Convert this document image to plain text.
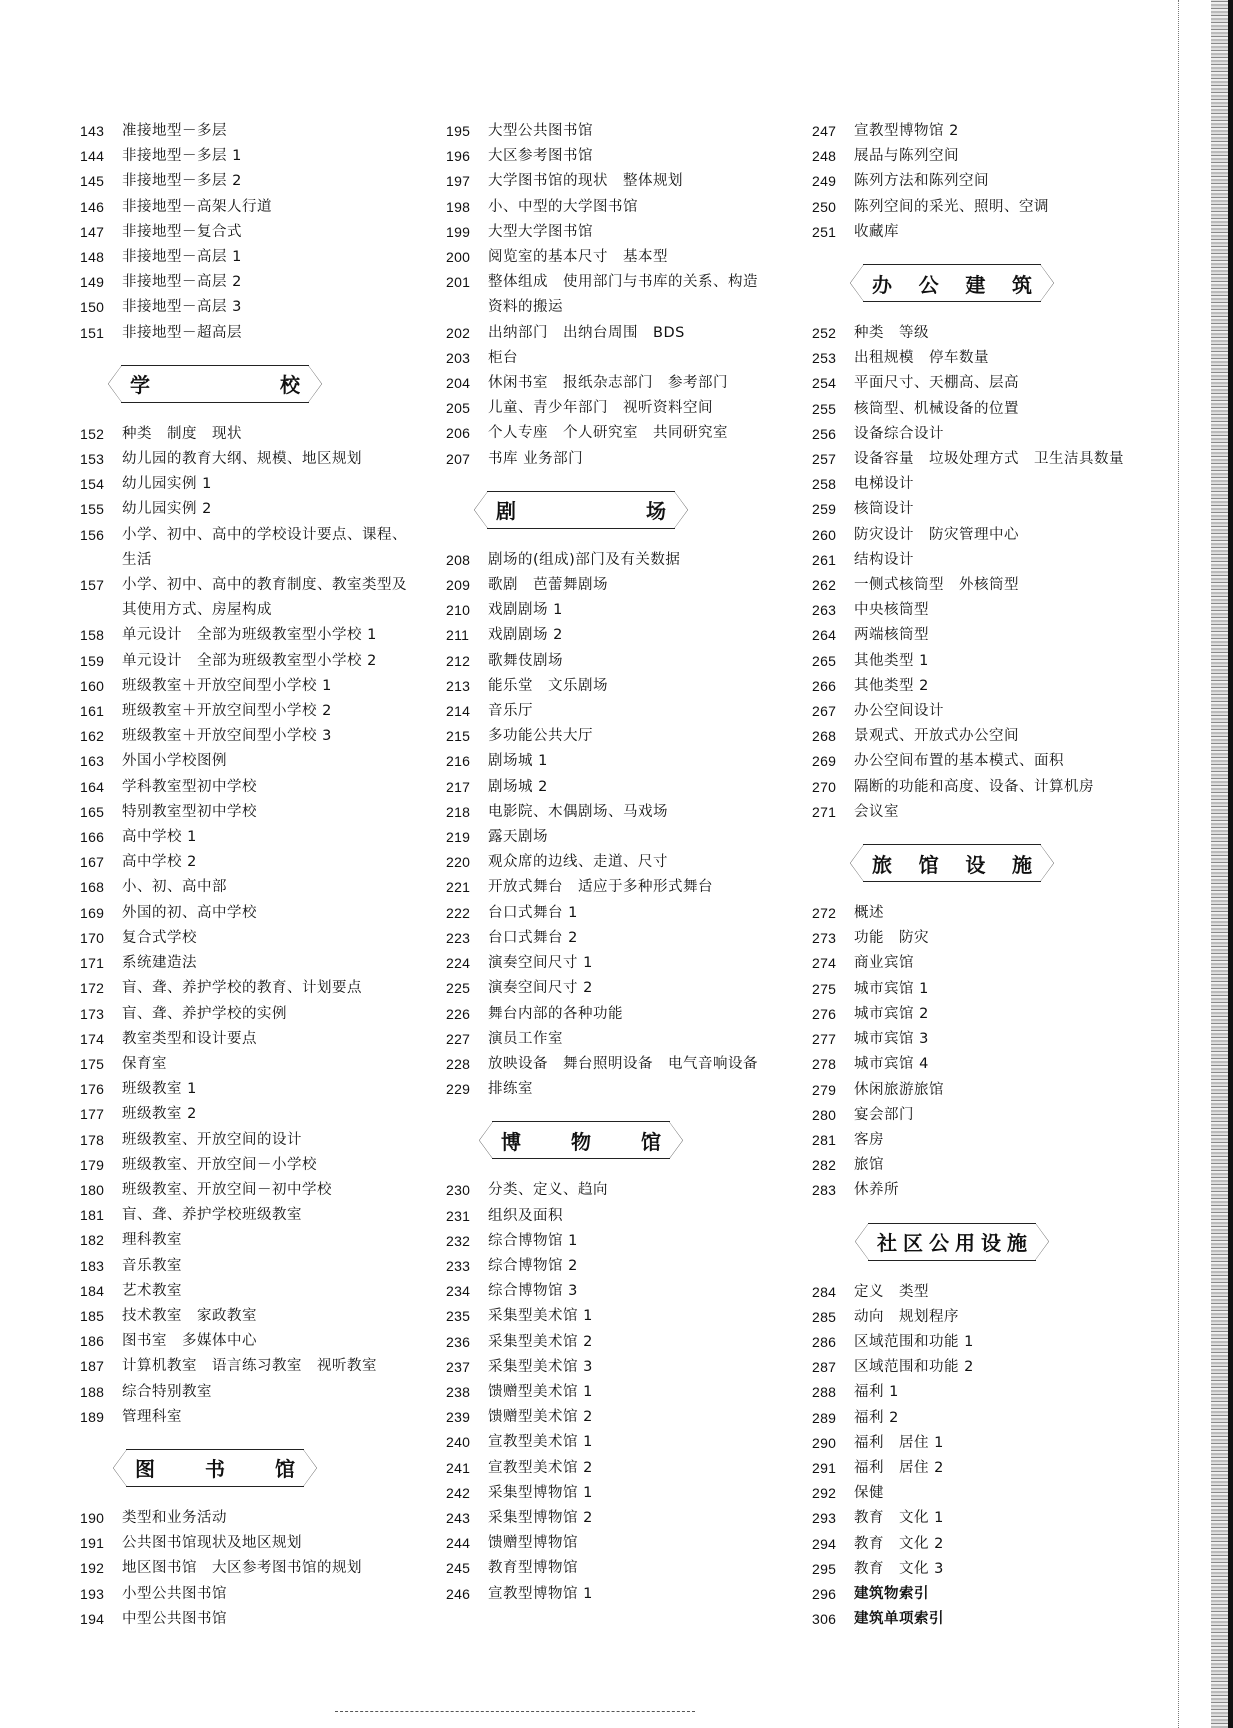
143	准接地型－多层
144	非接地型－多层 1
145	非接地型－多层 2
146	非接地型－高架人行道
147	非接地型－复合式
148	非接地型－高层 1
149	非接地型－高层 2
150	非接地型－高层 3
151	非接地型－超高层
学	校
152	种类　制度　现状
153	幼儿园的教育大纲、规模、地区规划
154	幼儿园实例 1
155	幼儿园实例 2
156	小学、初中、高中的学校设计要点、课程、生活
157	小学、初中、高中的教育制度、教室类型及其使用方式、房屋构成
158	单元设计　全部为班级教室型小学校 1
159	单元设计　全部为班级教室型小学校 2
160	班级教室＋开放空间型小学校 1
161	班级教室＋开放空间型小学校 2
162	班级教室＋开放空间型小学校 3
163	外国小学校图例
164	学科教室型初中学校
165	特别教室型初中学校
166	高中学校 1
167	高中学校 2
168	小、初、高中部
169	外国的初、高中学校
170	复合式学校
171	系统建造法
172	盲、聋、养护学校的教育、计划要点
173	盲、聋、养护学校的实例
174	教室类型和设计要点
175	保育室
176	班级教室 1
177	班级教室 2
178	班级教室、开放空间的设计
179	班级教室、开放空间－小学校
180	班级教室、开放空间－初中学校
181	盲、聋、养护学校班级教室
182	理科教室
183	音乐教室
184	艺术教室
185	技术教室　家政教室
186	图书室　多媒体中心
187	计算机教室　语言练习教室　视听教室
188	综合特别教室
189	管理科室
图	书	馆
190	类型和业务活动
191	公共图书馆现状及地区规划
192	地区图书馆　大区参考图书馆的规划
193	小型公共图书馆
194	中型公共图书馆
195	大型公共图书馆
196	大区参考图书馆
197	大学图书馆的现状　整体规划
198	小、中型的大学图书馆
199	大型大学图书馆
200	阅览室的基本尺寸　基本型
201	整体组成　使用部门与书库的关系、构造　资料的搬运
202	出纳部门　出纳台周围　BDS
203	柜台
204	休闲书室　报纸杂志部门　参考部门
205	儿童、青少年部门　视听资料空间
206	个人专座　个人研究室　共同研究室
207	书库 业务部门
剧	场
208	剧场的(组成)部门及有关数据
209	歌剧　芭蕾舞剧场
210	戏剧剧场 1
211	戏剧剧场 2
212	歌舞伎剧场
213	能乐堂　文乐剧场
214	音乐厅
215	多功能公共大厅
216	剧场城 1
217	剧场城 2
218	电影院、木偶剧场、马戏场
219	露天剧场
220	观众席的边线、走道、尺寸
221	开放式舞台　适应于多种形式舞台
222	台口式舞台 1
223	台口式舞台 2
224	演奏空间尺寸 1
225	演奏空间尺寸 2
226	舞台内部的各种功能
227	演员工作室
228	放映设备　舞台照明设备　电气音响设备
229	排练室
博	物	馆
230	分类、定义、趋向
231	组织及面积
232	综合博物馆 1
233	综合博物馆 2
234	综合博物馆 3
235	采集型美术馆 1
236	采集型美术馆 2
237	采集型美术馆 3
238	馈赠型美术馆 1
239	馈赠型美术馆 2
240	宣教型美术馆 1
241	宣教型美术馆 2
242	采集型博物馆 1
243	采集型博物馆 2
244	馈赠型博物馆
245	教育型博物馆
246	宣教型博物馆 1
247	宣教型博物馆 2
248	展品与陈列空间
249	陈列方法和陈列空间
250	陈列空间的采光、照明、空调
251	收藏库
办 公 建 筑
252	种类　等级
253	出租规模　停车数量
254	平面尺寸、天棚高、层高
255	核筒型、机械设备的位置
256	设备综合设计
257	设备容量　垃圾处理方式　卫生洁具数量
258	电梯设计
259	核筒设计
260	防灾设计　防灾管理中心
261	结构设计
262	一侧式核筒型　外核筒型
263	中央核筒型
264	两端核筒型
265	其他类型 1
266	其他类型 2
267	办公空间设计
268	景观式、开放式办公空间
269	办公空间布置的基本模式、面积
270	隔断的功能和高度、设备、计算机房
271	会议室
旅 馆 设 施
272	概述
273	功能　防灾
274	商业宾馆
275	城市宾馆 1
276	城市宾馆 2
277	城市宾馆 3
278	城市宾馆 4
279	休闲旅游旅馆
280	宴会部门
281	客房
282	旅馆
283	休养所
社 区 公 用 设 施
284	定义　类型
285	动向　规划程序
286	区域范围和功能 1
287	区域范围和功能 2
288	福利 1
289	福利 2
290	福利　居住 1
291	福利　居住 2
292	保健
293	教育　文化 1
294	教育　文化 2
295	教育　文化 3
296	建筑物索引
306	建筑单项索引
